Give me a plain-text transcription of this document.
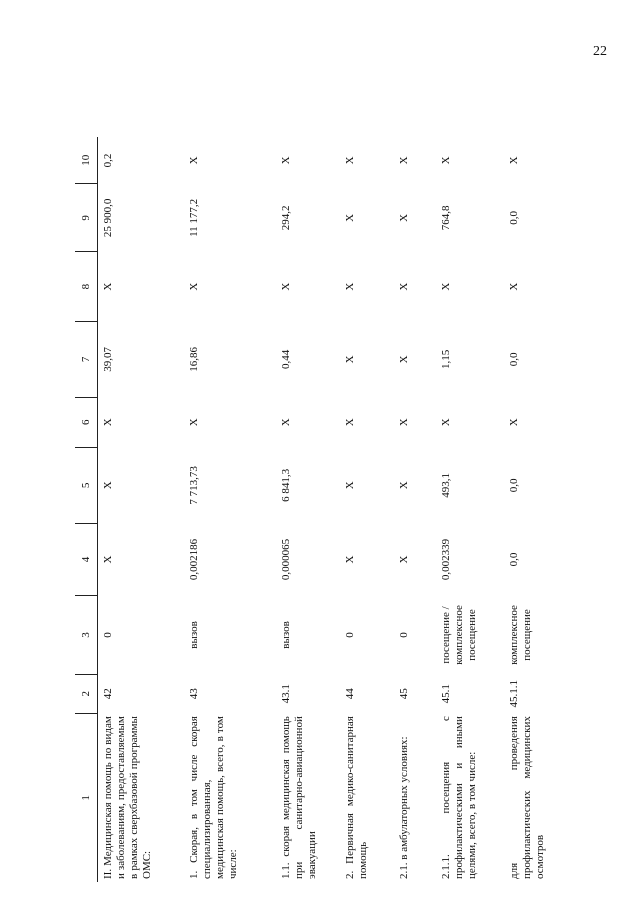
22
1	2	3	4	5	6	7	8	9	10
II. Медицинская помощь по видам и заболеваниям, предоставляемым в рамках сверхбазовой программы ОМС:	42	0	X	X	X	39,07	X	25 900,0	0,2
1. Скорая, в том числе скорая специализированная, медицинская помощь, всего, в том числе:	43	вызов	0,002186	7 713,73	X	16,86	X	11 177,2	X
1.1. скорая медицинская помощь при санитарно-авиационной эвакуации	43.1	вызов	0,000065	6 841,3	X	0,44	X	294,2	X
2. Первичная медико-санитарная помощь	44	0	X	X	X	X	X	X	X
2.1. в амбулаторных условиях:	45	0	X	X	X	X	X	X	X
2.1.1. посещения с профилактическими и иными целями, всего, в том числе:	45.1	посещение / комплексное посещение	0,002339	493,1	X	1,15	X	764,8	X
для проведения профилактических медицинских осмотров	45.1.1	комплексное посещение	0,0	0,0	X	0,0	X	0,0	X
